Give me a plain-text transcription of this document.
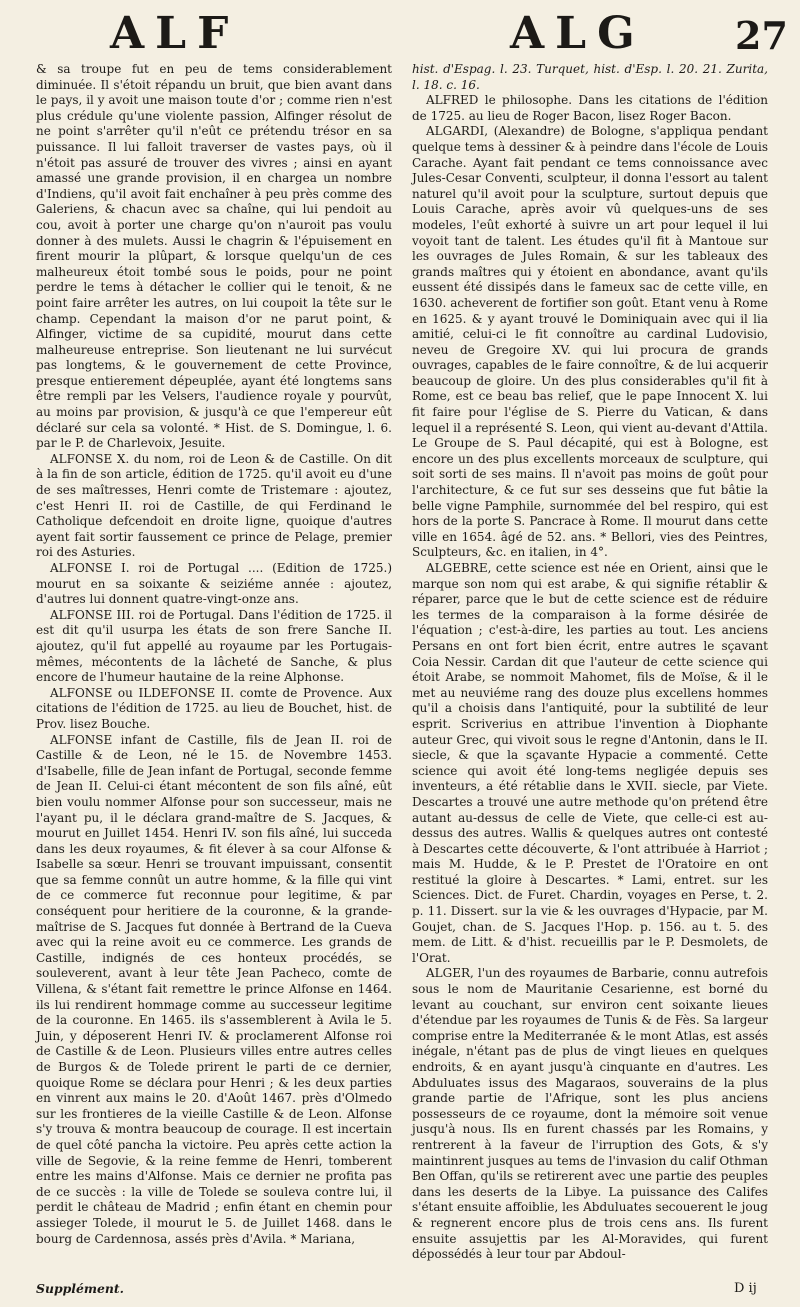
ALF	ALG 27

& sa troupe fut en peu de tems considerablement diminuée. Il s'étoit répandu un bruit, que bien avant dans le pays, il y avoit une maison toute d'or ; comme rien n'est plus crédule qu'une violente passion, Alfinger résolut de ne point s'arrêter qu'il n'eût ce prétendu trésor en sa puissance. Il lui falloit traverser de vastes pays, où il n'étoit pas assuré de trouver des vivres ; ainsi en ayant amassé une grande provision, il en chargea un nombre d'Indiens, qu'il avoit fait enchaîner à peu près comme des Galeriens, & chacun avec sa chaîne, qui lui pendoit au cou, avoit à porter une charge qu'on n'auroit pas voulu donner à des mulets. Aussi le chagrin & l'épuisement en firent mourir la plûpart, & lorsque quelqu'un de ces malheureux étoit tombé sous le poids, pour ne point perdre le tems à détacher le collier qui le tenoit, & ne point faire arrêter les autres, on lui coupoit la tête sur le champ. Cependant la maison d'or ne parut point, & Alfinger, victime de sa cupidité, mourut dans cette malheureuse entreprise. Son lieutenant ne lui survécut pas longtems, & le gouvernement de cette Province, presque entierement dépeuplée, ayant été longtems sans être rempli par les Velsers, l'audience royale y pourvût, au moins par provision, & jusqu'à ce que l'empereur eût déclaré sur cela sa volonté. * Hist. de S. Domingue, l. 6. par le P. de Charlevoix, Jesuite.

ALFONSE X. du nom, roi de Leon & de Castille. On dit à la fin de son article, édition de 1725. qu'il avoit eu d'une de ses maîtresses, Henri comte de Tristemare : ajoutez, c'est Henri II. roi de Castille, de qui Ferdinand le Catholique defcendoit en droite ligne, quoique d'autres ayent fait sortir faussement ce prince de Pelage, premier roi des Asturies.

ALFONSE I. roi de Portugal .... (Edition de 1725.) mourut en sa soixante & seiziéme année : ajoutez, d'autres lui donnent quatre-vingt-onze ans.

ALFONSE III. roi de Portugal. Dans l'édition de 1725. il est dit qu'il usurpa les états de son frere Sanche II. ajoutez, qu'il fut appellé au royaume par les Portugais-mêmes, mécontents de la lâcheté de Sanche, & plus encore de l'humeur hautaine de la reine Alphonse.

ALFONSE ou ILDEFONSE II. comte de Provence. Aux citations de l'édition de 1725. au lieu de Bouchet, hist. de Prov. lisez Bouche.

ALFONSE infant de Castille, fils de Jean II. roi de Castille & de Leon, né le 15. de Novembre 1453. d'Isabelle, fille de Jean infant de Portugal, seconde femme de Jean II. Celui-ci étant mécontent de son fils aîné, eût bien voulu nommer Alfonse pour son successeur, mais ne l'ayant pu, il le déclara grand-maître de S. Jacques, & mourut en Juillet 1454. Henri IV. son fils aîné, lui succeda dans les deux royaumes, & fit élever à sa cour Alfonse & Isabelle sa sœur. Henri se trouvant impuissant, consentit que sa femme connût un autre homme, & la fille qui vint de ce commerce fut reconnue pour legitime, & par conséquent pour heritiere de la couronne, & la grande-maîtrise de S. Jacques fut donnée à Bertrand de la Cueva avec qui la reine avoit eu ce commerce. Les grands de Castille, indignés de ces honteux procédés, se souleverent, avant à leur tête Jean Pacheco, comte de Villena, & s'étant fait remettre le prince Alfonse en 1464. ils lui rendirent hommage comme au successeur legitime de la couronne. En 1465. ils s'assemblerent à Avila le 5. Juin, y déposerent Henri IV. & proclamerent Alfonse roi de Castille & de Leon. Plusieurs villes entre autres celles de Burgos & de Tolede prirent le parti de ce dernier, quoique Rome se déclara pour Henri ; & les deux parties en vinrent aux mains le 20. d'Août 1467. près d'Olmedo sur les frontieres de la vieille Castille & de Leon. Alfonse s'y trouva & montra beaucoup de courage. Il est incertain de quel côté pancha la victoire. Peu après cette action la ville de Segovie, & la reine femme de Henri, tomberent entre les mains d'Alfonse. Mais ce dernier ne profita pas de ce succès : la ville de Tolede se souleva contre lui, il perdit le château de Madrid ; enfin étant en chemin pour assieger Tolede, il mourut le 5. de Juillet 1468. dans le bourg de Cardennosa, assés près d'Avila. * Mariana,

hist. d'Espag. l. 23. Turquet, hist. d'Esp. l. 20. 21. Zurita, l. 18. c. 16.

ALFRED le philosophe. Dans les citations de l'édition de 1725. au lieu de Roger Bacon, lisez Roger Bacon.

ALGARDI, (Alexandre) de Bologne, s'appliqua pendant quelque tems à dessiner & à peindre dans l'école de Louis Carache. Ayant fait pendant ce tems connoissance avec Jules-Cesar Conventi, sculpteur, il donna l'essort au talent naturel qu'il avoit pour la sculpture, surtout depuis que Louis Carache, après avoir vû quelques-uns de ses modeles, l'eût exhorté à suivre un art pour lequel il lui voyoit tant de talent. Les études qu'il fit à Mantoue sur les ouvrages de Jules Romain, & sur les tableaux des grands maîtres qui y étoient en abondance, avant qu'ils eussent été dissipés dans le fameux sac de cette ville, en 1630. acheverent de fortifier son goût. Etant venu à Rome en 1625. & y ayant trouvé le Dominiquain avec qui il lia amitié, celui-ci le fit connoître au cardinal Ludovisio, neveu de Gregoire XV. qui lui procura de grands ouvrages, capables de le faire connoître, & de lui acquerir beaucoup de gloire. Un des plus considerables qu'il fit à Rome, est ce beau bas relief, que le pape Innocent X. lui fit faire pour l'église de S. Pierre du Vatican, & dans lequel il a représenté S. Leon, qui vient au-devant d'Attila. Le Groupe de S. Paul décapité, qui est à Bologne, est encore un des plus excellents morceaux de sculpture, qui soit sorti de ses mains. Il n'avoit pas moins de goût pour l'architecture, & ce fut sur ses desseins que fut bâtie la belle vigne Pamphile, surnommée del bel respiro, qui est hors de la porte S. Pancrace à Rome. Il mourut dans cette ville en 1654. âgé de 52. ans. * Bellori, vies des Peintres, Sculpteurs, &c. en italien, in 4°.

ALGEBRE, cette science est née en Orient, ainsi que le marque son nom qui est arabe, & qui signifie rétablir & réparer, parce que le but de cette science est de réduire les termes de la comparaison à la forme désirée de l'équation ; c'est-à-dire, les parties au tout. Les anciens Persans en ont fort bien écrit, entre autres le sçavant Coia Nessir. Cardan dit que l'auteur de cette science qui étoit Arabe, se nommoit Mahomet, fils de Moïse, & il le met au neuviéme rang des douze plus excellens hommes qu'il a choisis dans l'antiquité, pour la subtilité de leur esprit. Scriverius en attribue l'invention à Diophante auteur Grec, qui vivoit sous le regne d'Antonin, dans le II. siecle, & que la sçavante Hypacie a commenté. Cette science qui avoit été long-tems negligée depuis ses inventeurs, a été rétablie dans le XVII. siecle, par Viete. Descartes a trouvé une autre methode qu'on prétend être autant au-dessus de celle de Viete, que celle-ci est au-dessus des autres. Wallis & quelques autres ont contesté à Descartes cette découverte, & l'ont attribuée à Harriot ; mais M. Hudde, & le P. Prestet de l'Oratoire en ont restitué la gloire à Descartes. * Lami, entret. sur les Sciences. Dict. de Furet. Chardin, voyages en Perse, t. 2. p. 11. Dissert. sur la vie & les ouvrages d'Hypacie, par M. Goujet, chan. de S. Jacques l'Hop. p. 156. au t. 5. des mem. de Litt. & d'hist. recueillis par le P. Desmolets, de l'Orat.

ALGER, l'un des royaumes de Barbarie, connu autrefois sous le nom de Mauritanie Cesarienne, est borné du levant au couchant, sur environ cent soixante lieues d'étendue par les royaumes de Tunis & de Fès. Sa largeur comprise entre la Mediterranée & le mont Atlas, est assés inégale, n'étant pas de plus de vingt lieues en quelques endroits, & en ayant jusqu'à cinquante en d'autres. Les Abduluates issus des Magaraos, souverains de la plus grande partie de l'Afrique, sont les plus anciens possesseurs de ce royaume, dont la mémoire soit venue jusqu'à nous. Ils en furent chassés par les Romains, y rentrerent à la faveur de l'irruption des Gots, & s'y maintinrent jusques au tems de l'invasion du calif Othman Ben Offan, qu'ils se retirerent avec une partie des peuples dans les deserts de la Libye. La puissance des Califes s'étant ensuite affoiblie, les Abduluates secouerent le joug & regnerent encore plus de trois cens ans. Ils furent ensuite assujettis par les Al-Moravides, qui furent dépossédés à leur tour par Abdoul-

Supplément.	D ij
